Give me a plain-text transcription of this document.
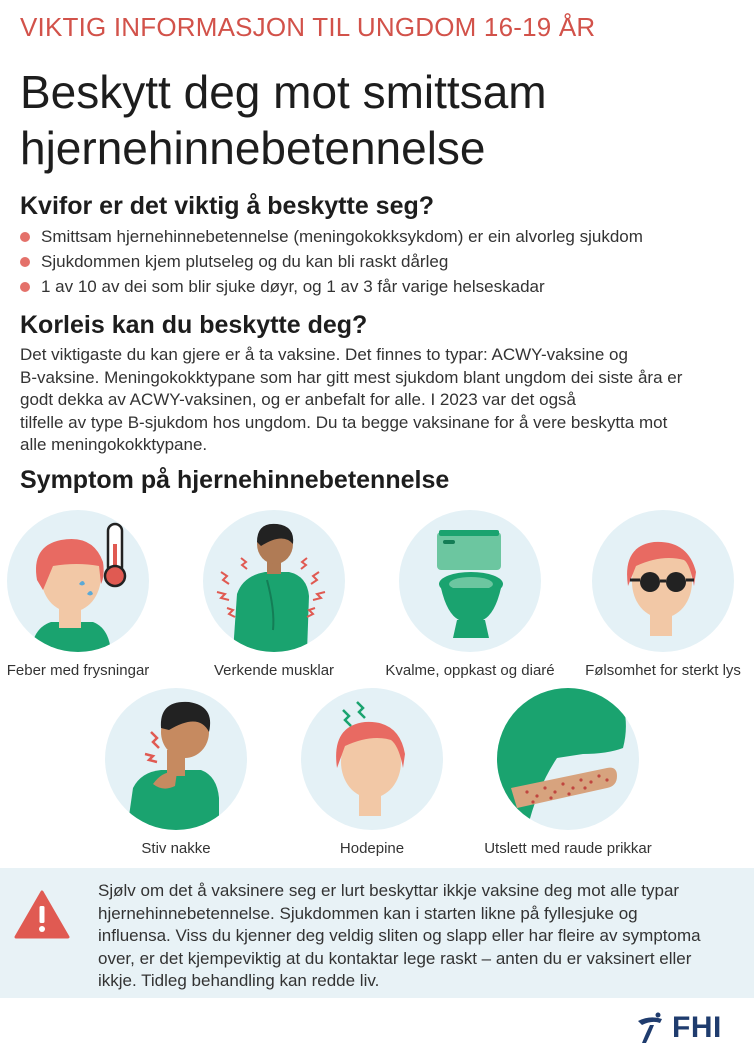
VIKTIG INFORMASJON TIL UNGDOM 16-19 ÅR
Beskytt deg mot smittsam
hjernehinnebetennelse
Kvifor er det viktig å beskytte seg?
Smittsam hjernehinnebetennelse (meningokokksykdom) er ein alvorleg sjukdom
Sjukdommen kjem plutseleg og du kan bli raskt dårleg
1 av 10 av dei som blir sjuke døyr, og 1 av 3 får varige helseskadar
Korleis kan du beskytte deg?

Det viktigaste du kan gjere er å ta vaksine. Det finnes to typar: ACWY-vaksine og
B-vaksine. Meningokokktypane som har gitt mest sjukdom blant ungdom dei siste åra er
godt dekka av ACWY-vaksinen, og er anbefalt for alle. I 2023 var det også
tilfelle av type B-sjukdom hos ungdom. Du ta begge vaksinane for å vere beskytta mot
alle meningokokktypane.

Symptom på hjernehinnebetennelse
Feber med frysningar	Verkende musklar	Kvalme, oppkast og diaré Følsomhet for sterkt lys
Stiv nakke	Hodepine	Utslett med raude prikkar

Sjølv om det å vaksinere seg er lurt beskyttar ikkje vaksine deg mot alle typar
hjernehinnebetennelse. Sjukdommen kan i starten likne på fyllesjuke og
influensa. Viss du kjenner deg veldig sliten og slapp eller har fleire av symptoma
over, er det kjempeviktig at du kontaktar lege raskt – anten du er vaksinert eller
ikkje. Tidleg behandling kan redde liv.

FHI
